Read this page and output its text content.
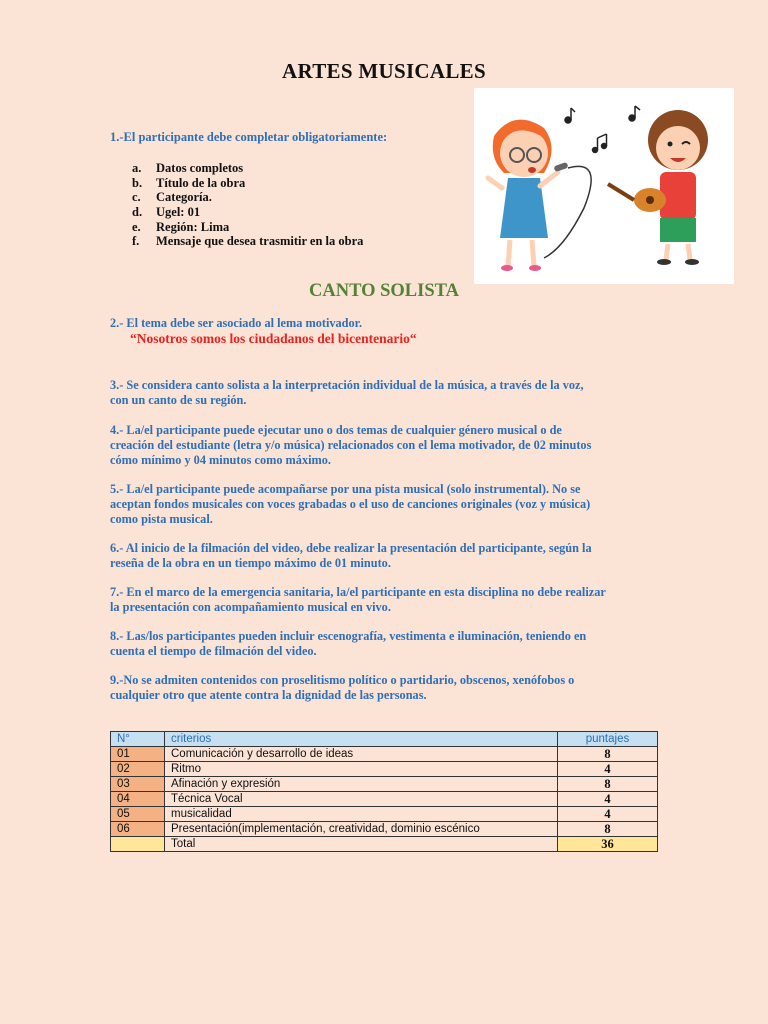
ARTES MUSICALES
1.-El participante debe completar obligatoriamente:
a.	Datos completos
b.	Título de la obra
c.	Categoría.
d.	Ugel: 01
e.	Región: Lima
f.	Mensaje que desea trasmitir en la obra
CANTO SOLISTA
2.- El tema debe ser asociado al lema motivador.
“Nosotros somos los ciudadanos del bicentenario“
3.- Se considera canto solista a la interpretación individual de la música, a través de la voz,
con un canto de su región.
4.- La/el participante puede ejecutar uno o dos temas de cualquier género musical o de
creación del estudiante (letra y/o música) relacionados con el lema motivador, de 02 minutos
cómo mínimo y 04 minutos como máximo.
5.- La/el participante puede acompañarse por una pista musical (solo instrumental). No se
aceptan fondos musicales con voces grabadas o el uso de canciones originales (voz y música)
como pista musical.
6.- Al inicio de la filmación del video, debe realizar la presentación del participante, según la
reseña de la obra en un tiempo máximo de 01 minuto.
7.- En el marco de la emergencia sanitaria, la/el participante en esta disciplina no debe realizar
la presentación con acompañamiento musical en vivo.
8.- Las/los participantes pueden incluir escenografía, vestimenta e iluminación, teniendo en
cuenta el tiempo de filmación del video.
9.-No se admiten contenidos con proselitismo político o partidario, obscenos, xenófobos o
cualquier otro que atente contra la dignidad de las personas.
N°	criterios	puntajes
01	Comunicación y desarrollo de ideas	8
02	Ritmo	4
03	Afinación y expresión	8
04	Técnica Vocal	4
05	musicalidad	4
06	Presentación(implementación, creatividad, dominio escénico	8
	Total	36
